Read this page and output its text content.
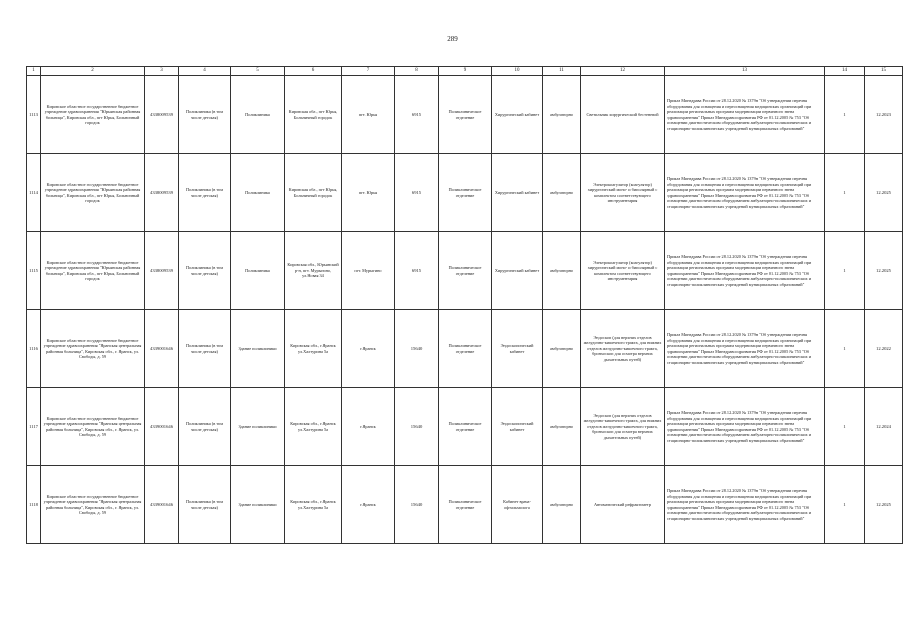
289
1	2	3	4	5	6	7	8	9	10	11	12	13	14	15
1113	Кировское областное государственное бюджетное учреждение здравоохранения "Юрьянская районная больница", Кировская обл., пгт Юрья, Больничный городок	4338009539	Поликлиника (в том числе детская)	Поликлиника	Кировская обл., пгт Юрья, Больничный городок	пгт. Юрья	6915	Поликлиническое отделение	Хирургический кабинет	амбулаторно	Светильник хирургический бестеневой	Приказ Минздрава России от 28.12.2020 № 1379н "Об утверждении перечня оборудования для оснащения и переоснащения медицинских организаций при реализации региональных программ модернизации первичного звена здравоохранения" Приказ Минздравсоцразвития РФ от 01.12.2005 № 753 "Об оснащении диагностическим оборудованием амбулаторно-поликлинических и стационарно-поликлинических учреждений муниципальных образований"	1	12.2023
1114	Кировское областное государственное бюджетное учреждение здравоохранения "Юрьянская районная больница", Кировская обл., пгт Юрья, Больничный городок	4338009539	Поликлиника (в том числе детская)	Поликлиника	Кировская обл., пгт Юрья, Больничный городок	пгт. Юрья	6915	Поликлиническое отделение	Хирургический кабинет	амбулаторно	Электрокоагулятор (коагулятор) хирургический моно- и биполярный с комплектом соответствующего инструментария	Приказ Минздрава России от 28.12.2020 № 1379н "Об утверждении перечня оборудования для оснащения и переоснащения медицинских организаций при реализации региональных программ модернизации первичного звена здравоохранения" Приказ Минздравсоцразвития РФ от 01.12.2005 № 753 "Об оснащении диагностическим оборудованием амбулаторно-поликлинических и стационарно-поликлинических учреждений муниципальных образований"	1	12.2025
1115	Кировское областное государственное бюджетное учреждение здравоохранения "Юрьянская районная больница", Кировская обл., пгт Юрья, Больничный городок	4338009539	Поликлиника (в том числе детская)	Поликлиника	Кировская обл., Юрьянский р-н, пгт. Мурыгино, ул.Новая 34	пгт. Мурыгино	6915	Поликлиническое отделение	Хирургический кабинет	амбулаторно	Электрокоагулятор (коагулятор) хирургический моно- и биполярный с комплектом соответствующего инструментария	Приказ Минздрава России от 28.12.2020 № 1379н "Об утверждении перечня оборудования для оснащения и переоснащения медицинских организаций при реализации региональных программ модернизации первичного звена здравоохранения" Приказ Минздравсоцразвития РФ от 01.12.2005 № 753 "Об оснащении диагностическим оборудованием амбулаторно-поликлинических и стационарно-поликлинических учреждений муниципальных образований"	1	12.2025
1116	Кировское областное государственное бюджетное учреждение здравоохранения "Яранская центральная районная больница", Кировская обл., г. Яранск, ул. Свободы, д. 59	4339001646	Поликлиника (в том числе детская)	Здание поликлиники	Кировская обл., г.Яранск ул.Халтурина 5а	г.Яранск	15640	Поликлиническое отделение	Эндоскопический кабинет	амбулаторно	Эндоскоп (для верхних отделов желудочно-кишечного тракта, для нижних отделов желудочно-кишечного тракта, бронхоскоп для осмотра верхних дыхательных путей)	Приказ Минздрава России от 28.12.2020 № 1379н "Об утверждении перечня оборудования для оснащения и переоснащения медицинских организаций при реализации региональных программ модернизации первичного звена здравоохранения" Приказ Минздравсоцразвития РФ от 01.12.2005 № 753 "Об оснащении диагностическим оборудованием амбулаторно-поликлинических и стационарно-поликлинических учреждений муниципальных образований"	1	12.2022
1117	Кировское областное государственное бюджетное учреждение здравоохранения "Яранская центральная районная больница", Кировская обл., г. Яранск, ул. Свободы, д. 59	4339001646	Поликлиника (в том числе детская)	Здание поликлиники	Кировская обл., г.Яранск ул.Халтурина 5а	г.Яранск	15640	Поликлиническое отделение	Эндоскопический кабинет	амбулаторно	Эндоскоп (для верхних отделов желудочно-кишечного тракта, для нижних отделов желудочно-кишечного тракта, бронхоскоп для осмотра верхних дыхательных путей)	Приказ Минздрава России от 28.12.2020 № 1379н "Об утверждении перечня оборудования для оснащения и переоснащения медицинских организаций при реализации региональных программ модернизации первичного звена здравоохранения" Приказ Минздравсоцразвития РФ от 01.12.2005 № 753 "Об оснащении диагностическим оборудованием амбулаторно-поликлинических и стационарно-поликлинических учреждений муниципальных образований"	1	12.2024
1118	Кировское областное государственное бюджетное учреждение здравоохранения "Яранская центральная районная больница", Кировская обл., г. Яранск, ул. Свободы, д. 59	4339001646	Поликлиника (в том числе детская)	Здание поликлиники	Кировская обл., г.Яранск ул.Халтурина 5а	г.Яранск	15640	Поликлиническое отделение	Кабинет врача-офтальмолога	амбулаторно	Автоматический рефрактометр	Приказ Минздрава России от 28.12.2020 № 1379н "Об утверждении перечня оборудования для оснащения и переоснащения медицинских организаций при реализации региональных программ модернизации первичного звена здравоохранения" Приказ Минздравсоцразвития РФ от 01.12.2005 № 753 "Об оснащении диагностическим оборудованием амбулаторно-поликлинических и стационарно-поликлинических учреждений муниципальных образований"	1	12.2025
